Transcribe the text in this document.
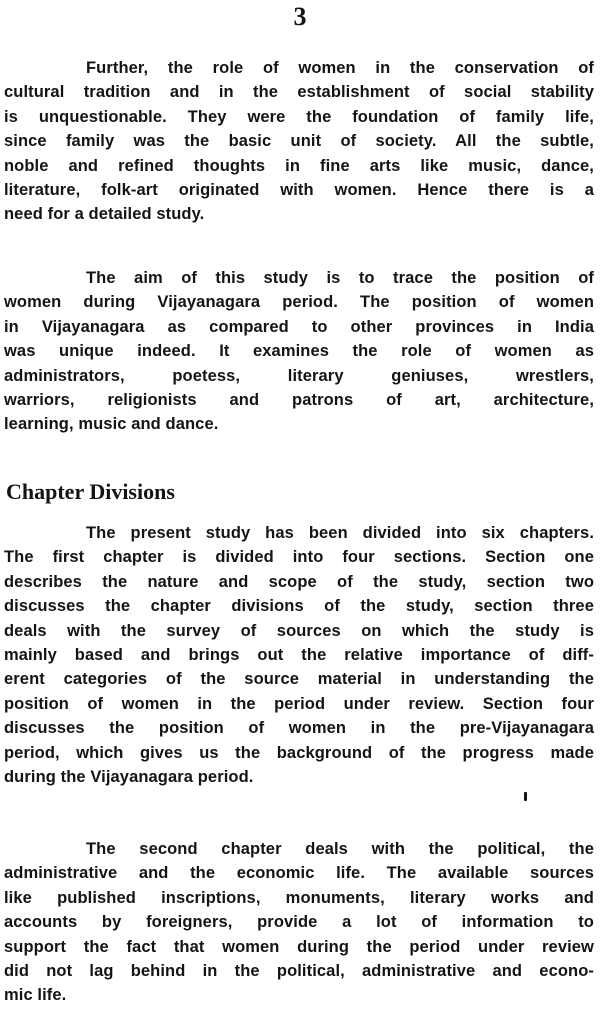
3

Further, the role of women in the conservation of
cultural tradition and in the establishment of social stability
is unquestionable. They were the foundation of family life,
since family was the basic unit of society. All the subtle,
noble and refined thoughts in fine arts like music, dance,
literature, folk-art originated with women. Hence there is a
need for a detailed study.

The aim of this study is to trace the position of
women during Vijayanagara period. The position of women
in Vijayanagara as compared to other provinces in India
was unique indeed. It examines the role of women as
administrators, poetess, literary geniuses, wrestlers,
warriors, religionists and patrons of art, architecture,
learning, music and dance.

Chapter Divisions

The present study has been divided into six chapters.
The first chapter is divided into four sections. Section one
describes the nature and scope of the study, section two
discusses the chapter divisions of the study, section three
deals with the survey of sources on which the study is
mainly based and brings out the relative importance of diff-
erent categories of the source material in understanding the
position of women in the period under review. Section four
discusses the position of women in the pre-Vijayanagara
period, which gives us the background of the progress made
during the Vijayanagara period.

The second chapter deals with the political, the
administrative and the economic life. The available sources
like published inscriptions, monuments, literary works and
accounts by foreigners, provide a lot of information to
support the fact that women during the period under review
did not lag behind in the political, administrative and econo-
mic life.
